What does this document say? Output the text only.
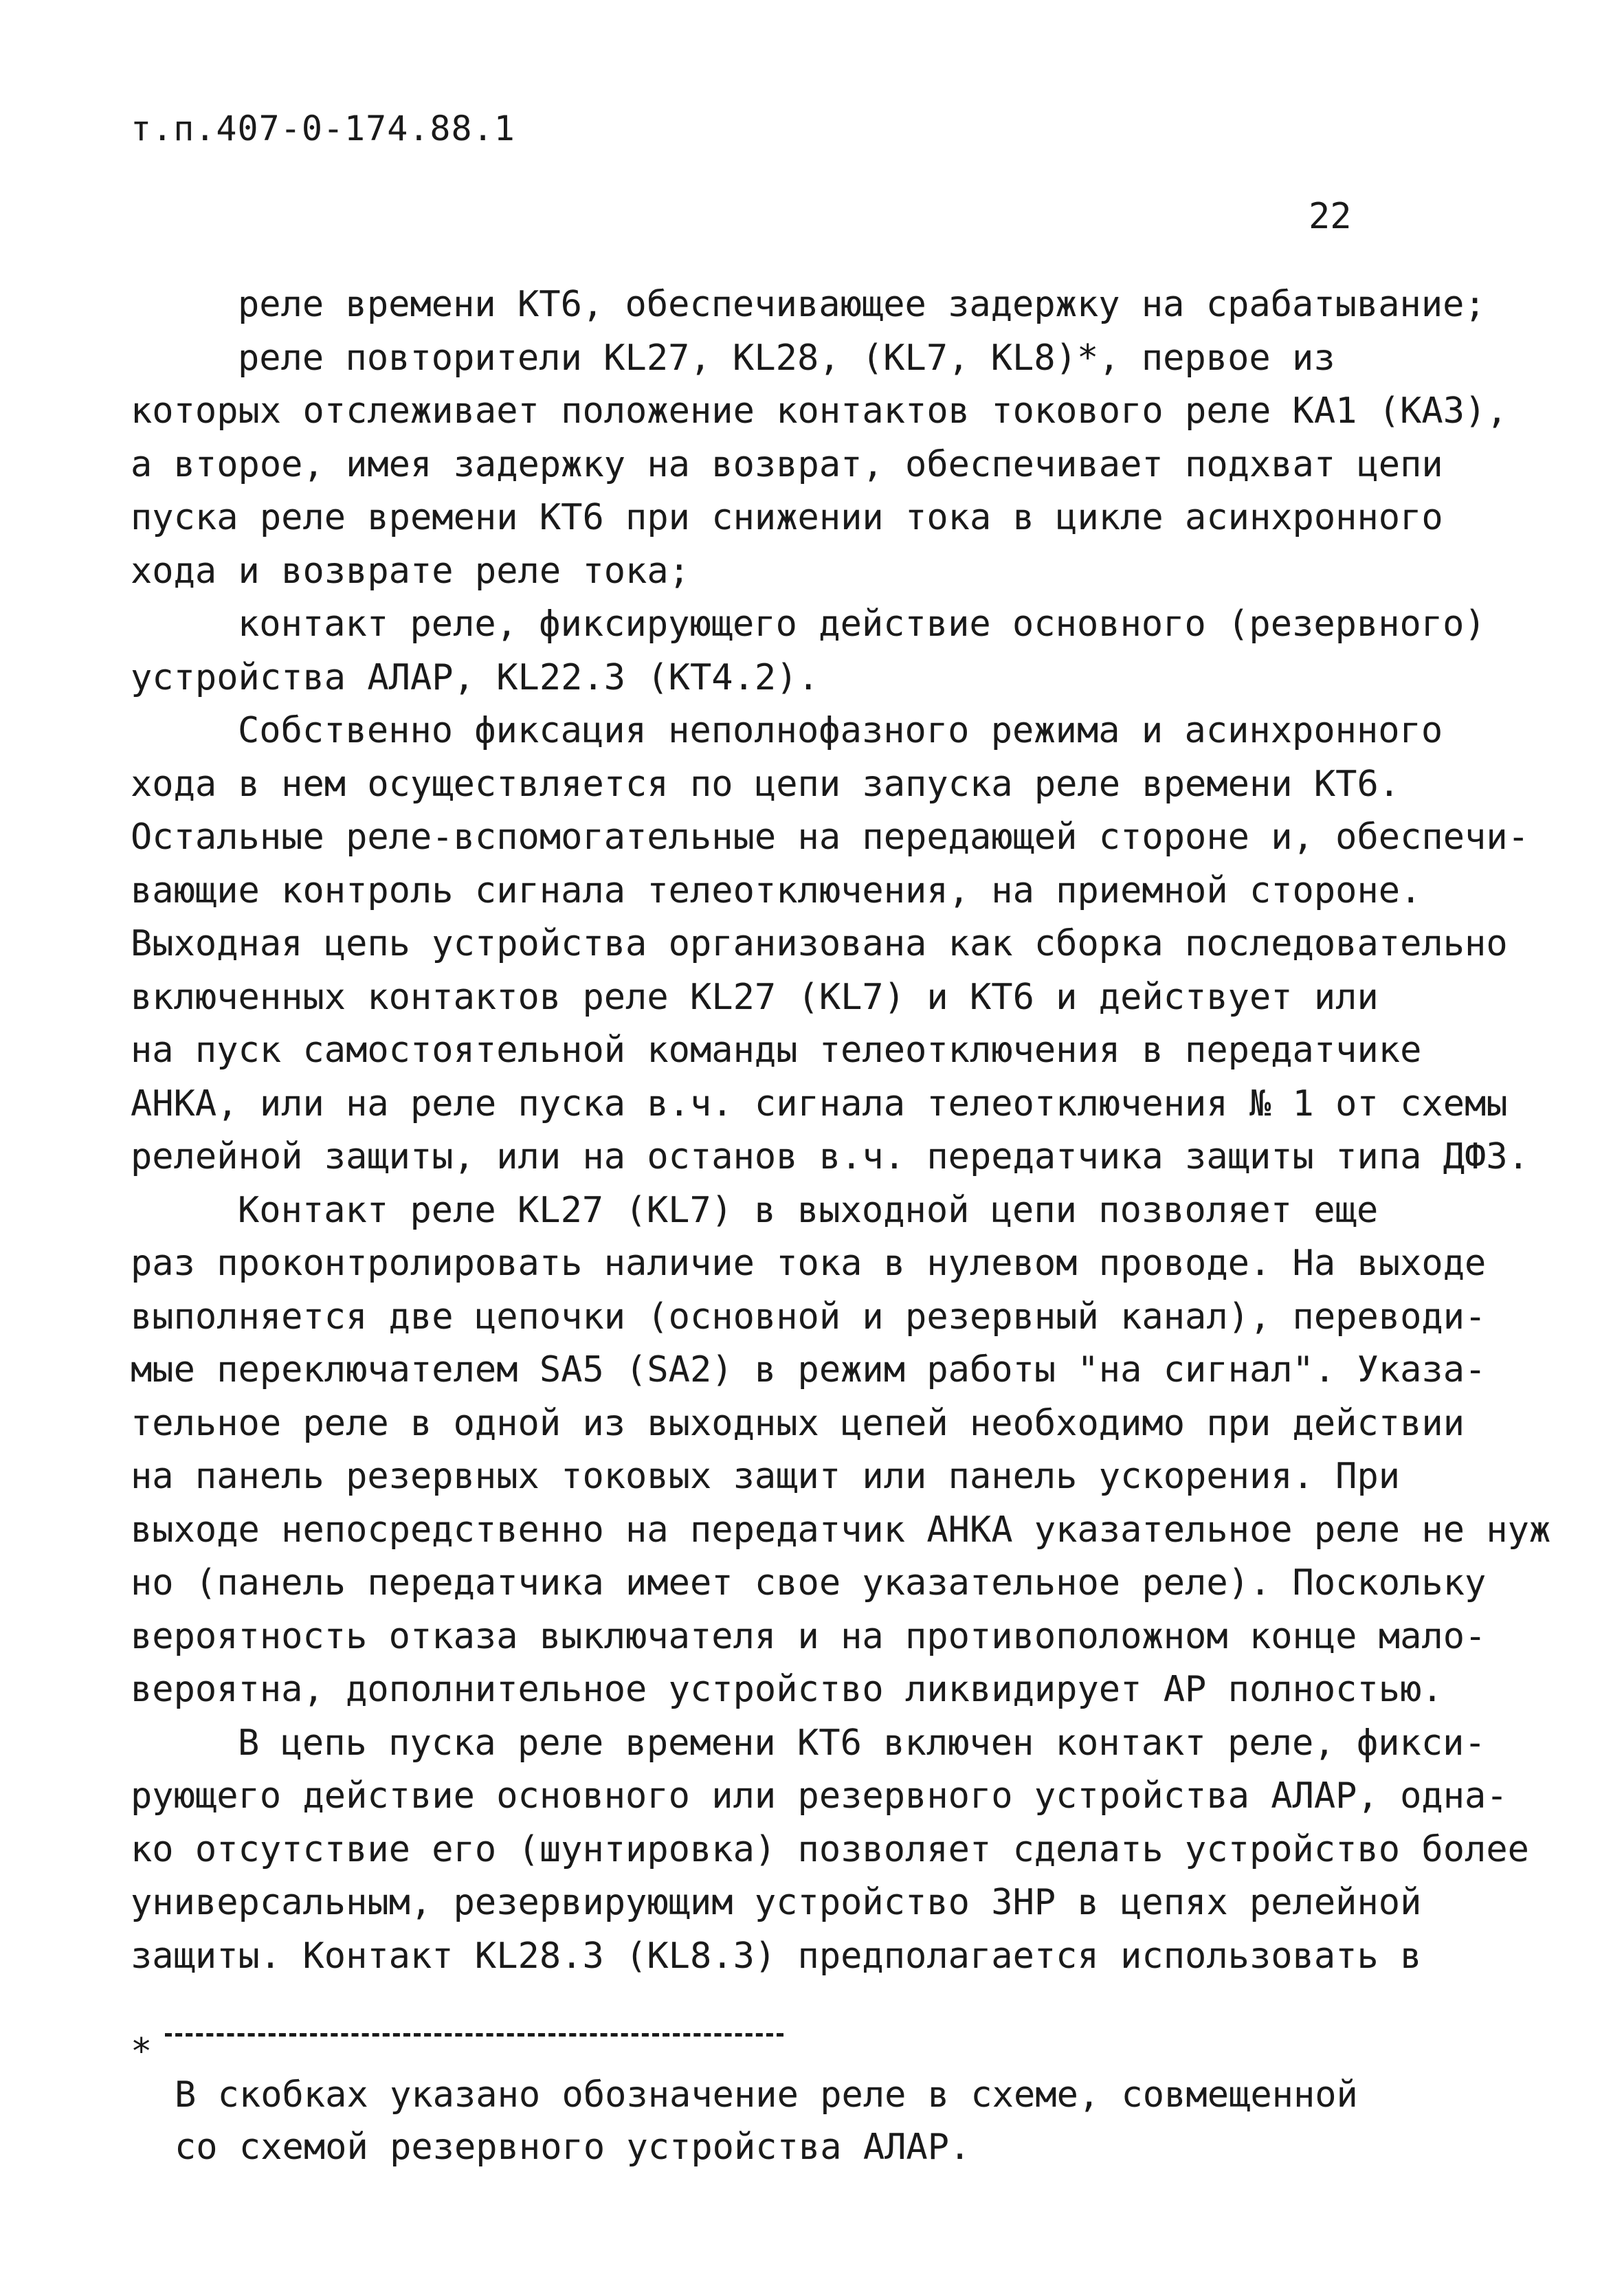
т.п.407-0-174.88.1
22
реле времени КТ6, обеспечивающее задержку на срабатывание;
реле повторители KL27, KL28, (KL7, KL8)*, первое из
которых отслеживает положение контактов токового реле КА1 (КА3),
а второе, имея задержку на возврат, обеспечивает подхват цепи
пуска реле времени КТ6 при снижении тока в цикле асинхронного
хода и возврате реле тока;
контакт реле, фиксирующего действие основного (резервного)
устройства АЛАР, KL22.3 (КТ4.2).
Собственно фиксация неполнофазного режима и асинхронного
хода в нем осуществляется по цепи запуска реле времени КТ6.
Остальные реле-вспомогательные на передающей стороне и, обеспечи-
вающие контроль сигнала телеотключения, на приемной стороне.
Выходная цепь устройства организована как сборка последовательно
включенных контактов реле KL27 (KL7) и КТ6 и действует или
на пуск самостоятельной команды телеотключения в передатчике
АНКА, или на реле пуска в.ч. сигнала телеотключения № 1 от схемы
релейной защиты, или на останов в.ч. передатчика защиты типа ДФЗ.
Контакт реле KL27 (KL7) в выходной цепи позволяет еще
раз проконтролировать наличие тока в нулевом проводе. На выходе
выполняется две цепочки (основной и резервный канал), переводи-
мые переключателем SA5 (SA2) в режим работы "на сигнал". Указа-
тельное реле в одной из выходных цепей необходимо при действии
на панель резервных токовых защит или панель ускорения. При
выходе непосредственно на передатчик АНКА указательное реле не нуж
но (панель передатчика имеет свое указательное реле). Поскольку
вероятность отказа выключателя и на противоположном конце мало-
вероятна, дополнительное устройство ликвидирует АР полностью.
В цепь пуска реле времени КТ6 включен контакт реле, фикси-
рующего действие основного или резервного устройства АЛАР, одна-
ко отсутствие его (шунтировка) позволяет сделать устройство более
универсальным, резервирующим устройство ЗНР в цепях релейной
защиты. Контакт KL28.3 (KL8.3) предполагается использовать в
*
В скобках указано обозначение реле в схеме, совмещенной
со схемой резервного устройства АЛАР.
